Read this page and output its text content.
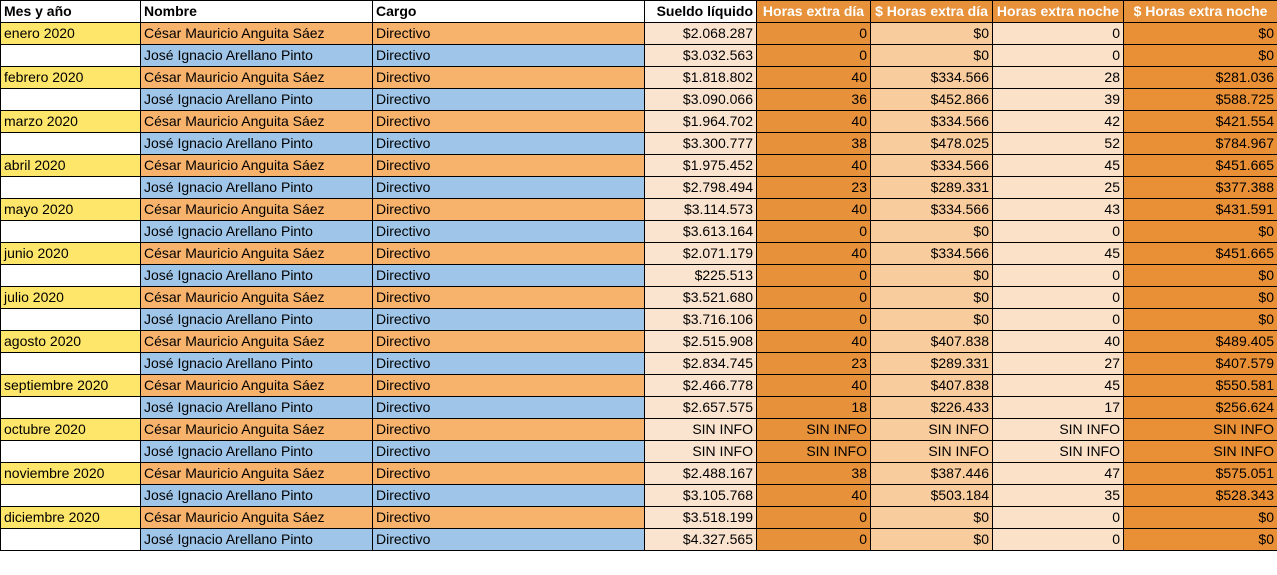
Mes y año	Nombre	Cargo	Sueldo líquido	Horas extra día	$ Horas extra día	Horas extra noche	$ Horas extra noche
enero 2020	César Mauricio Anguita Sáez	Directivo	$2.068.287	0	$0	0	$0
	José Ignacio Arellano Pinto	Directivo	$3.032.563	0	$0	0	$0
febrero 2020	César Mauricio Anguita Sáez	Directivo	$1.818.802	40	$334.566	28	$281.036
	José Ignacio Arellano Pinto	Directivo	$3.090.066	36	$452.866	39	$588.725
marzo 2020	César Mauricio Anguita Sáez	Directivo	$1.964.702	40	$334.566	42	$421.554
	José Ignacio Arellano Pinto	Directivo	$3.300.777	38	$478.025	52	$784.967
abril 2020	César Mauricio Anguita Sáez	Directivo	$1.975.452	40	$334.566	45	$451.665
	José Ignacio Arellano Pinto	Directivo	$2.798.494	23	$289.331	25	$377.388
mayo 2020	César Mauricio Anguita Sáez	Directivo	$3.114.573	40	$334.566	43	$431.591
	José Ignacio Arellano Pinto	Directivo	$3.613.164	0	$0	0	$0
junio 2020	César Mauricio Anguita Sáez	Directivo	$2.071.179	40	$334.566	45	$451.665
	José Ignacio Arellano Pinto	Directivo	$225.513	0	$0	0	$0
julio 2020	César Mauricio Anguita Sáez	Directivo	$3.521.680	0	$0	0	$0
	José Ignacio Arellano Pinto	Directivo	$3.716.106	0	$0	0	$0
agosto 2020	César Mauricio Anguita Sáez	Directivo	$2.515.908	40	$407.838	40	$489.405
	José Ignacio Arellano Pinto	Directivo	$2.834.745	23	$289.331	27	$407.579
septiembre 2020	César Mauricio Anguita Sáez	Directivo	$2.466.778	40	$407.838	45	$550.581
	José Ignacio Arellano Pinto	Directivo	$2.657.575	18	$226.433	17	$256.624
octubre 2020	César Mauricio Anguita Sáez	Directivo	SIN INFO	SIN INFO	SIN INFO	SIN INFO	SIN INFO
	José Ignacio Arellano Pinto	Directivo	SIN INFO	SIN INFO	SIN INFO	SIN INFO	SIN INFO
noviembre 2020	César Mauricio Anguita Sáez	Directivo	$2.488.167	38	$387.446	47	$575.051
	José Ignacio Arellano Pinto	Directivo	$3.105.768	40	$503.184	35	$528.343
diciembre 2020	César Mauricio Anguita Sáez	Directivo	$3.518.199	0	$0	0	$0
	José Ignacio Arellano Pinto	Directivo	$4.327.565	0	$0	0	$0
